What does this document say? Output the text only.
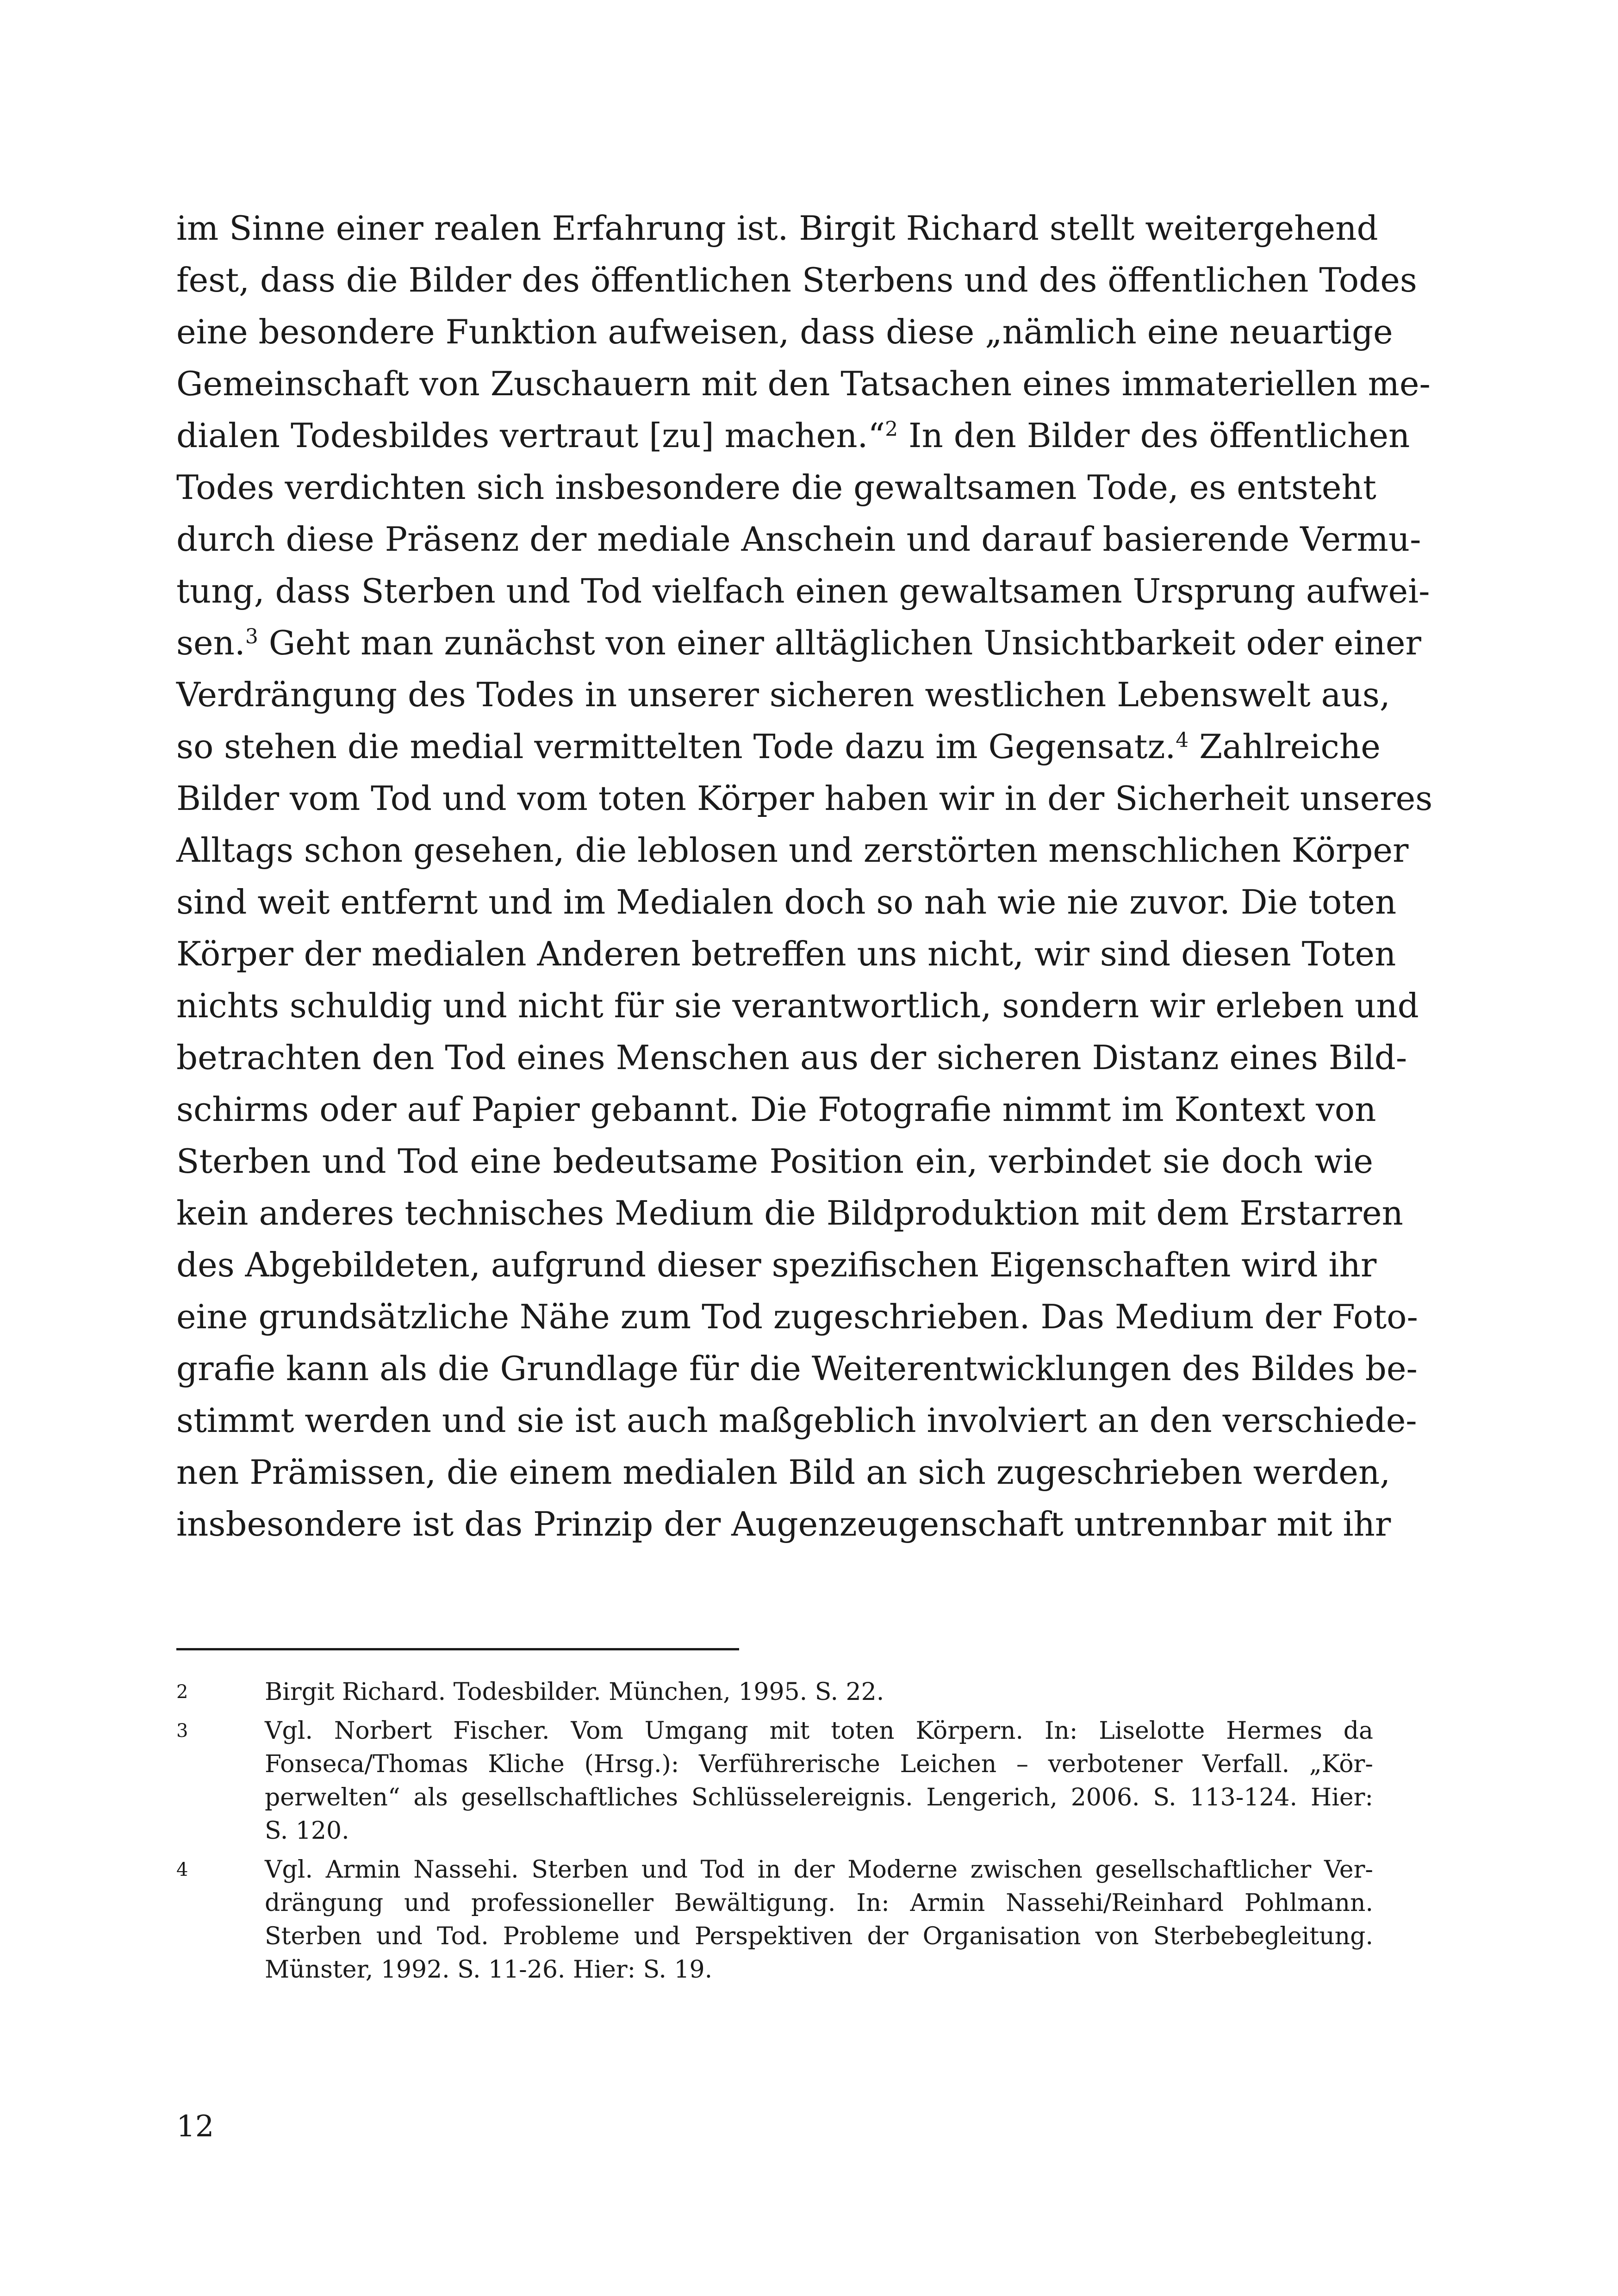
im Sinne einer realen Erfahrung ist. Birgit Richard stellt weitergehend
fest, dass die Bilder des öffentlichen Sterbens und des öffentlichen Todes
eine besondere Funktion aufweisen, dass diese „nämlich eine neuartige
Gemeinschaft von Zuschauern mit den Tatsachen eines immateriellen me-
dialen Todesbildes vertraut [zu] machen.“$^2$ In den Bilder des öffentlichen
Todes verdichten sich insbesondere die gewaltsamen Tode, es entsteht
durch diese Präsenz der mediale Anschein und darauf basierende Vermu-
tung, dass Sterben und Tod vielfach einen gewaltsamen Ursprung aufwei-
sen.$^3$ Geht man zunächst von einer alltäglichen Unsichtbarkeit oder einer
Verdrängung des Todes in unserer sicheren westlichen Lebenswelt aus,
so stehen die medial vermittelten Tode dazu im Gegensatz.$^4$ Zahlreiche
Bilder vom Tod und vom toten Körper haben wir in der Sicherheit unseres
Alltags schon gesehen, die leblosen und zerstörten menschlichen Körper
sind weit entfernt und im Medialen doch so nah wie nie zuvor. Die toten
Körper der medialen Anderen betreffen uns nicht, wir sind diesen Toten
nichts schuldig und nicht für sie verantwortlich, sondern wir erleben und
betrachten den Tod eines Menschen aus der sicheren Distanz eines Bild-
schirms oder auf Papier gebannt. Die Fotografie nimmt im Kontext von
Sterben und Tod eine bedeutsame Position ein, verbindet sie doch wie
kein anderes technisches Medium die Bildproduktion mit dem Erstarren
des Abgebildeten, aufgrund dieser spezifischen Eigenschaften wird ihr
eine grundsätzliche Nähe zum Tod zugeschrieben. Das Medium der Foto-
grafie kann als die Grundlage für die Weiterentwicklungen des Bildes be-
stimmt werden und sie ist auch maßgeblich involviert an den verschiede-
nen Prämissen, die einem medialen Bild an sich zugeschrieben werden,
insbesondere ist das Prinzip der Augenzeugenschaft untrennbar mit ihr
2	Birgit Richard. Todesbilder. München, 1995. S. 22.
3	Vgl. Norbert Fischer. Vom Umgang mit toten Körpern. In: Liselotte Hermes da
Fonseca/Thomas Kliche (Hrsg.): Verführerische Leichen – verbotener Verfall. „Kör-
perwelten“ als gesellschaftliches Schlüsselereignis. Lengerich, 2006. S. 113-124. Hier:
S. 120.
4	Vgl. Armin Nassehi. Sterben und Tod in der Moderne zwischen gesellschaftlicher Ver-
drängung und professioneller Bewältigung. In: Armin Nassehi/Reinhard Pohlmann.
Sterben und Tod. Probleme und Perspektiven der Organisation von Sterbebegleitung.
Münster, 1992. S. 11-26. Hier: S. 19.
12
